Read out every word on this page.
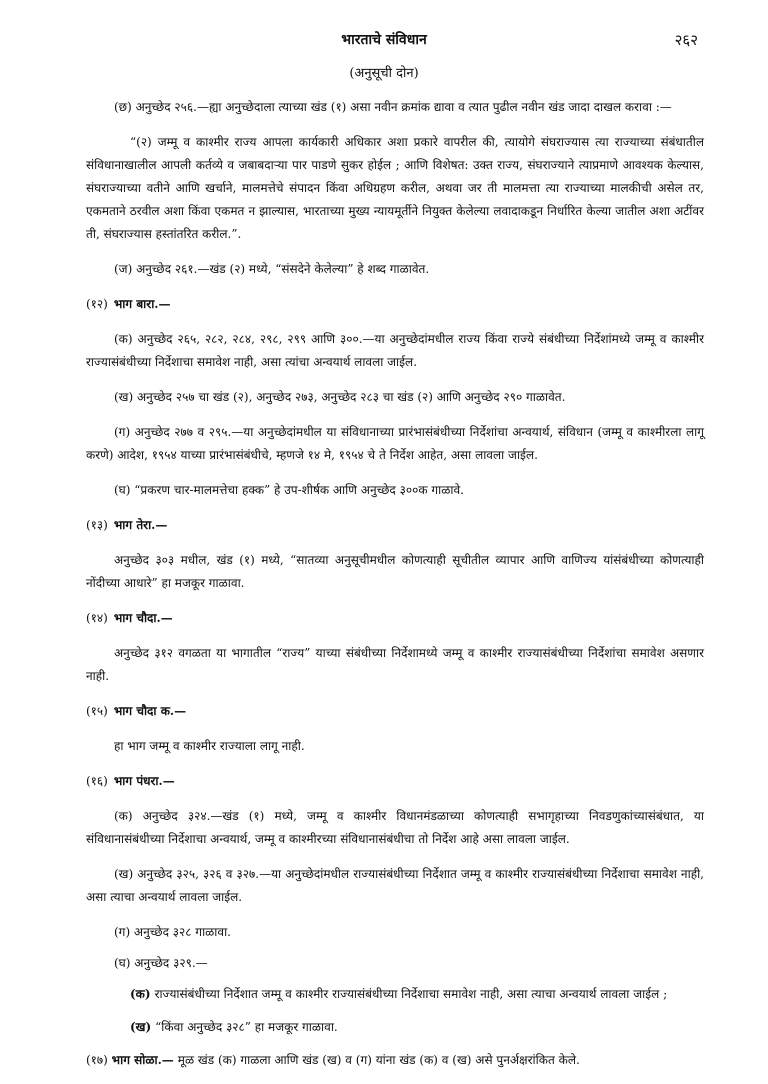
भारताचे संविधान	२६२
(अनुसूची दोन)

(छ) अनुच्छेद २५६.—ह्या अनुच्छेदाला त्याच्या खंड (१) असा नवीन क्रमांक द्यावा व त्यात पुढील नवीन खंड जादा दाखल करावा :—

“(२) जम्मू व काश्मीर राज्य आपला कार्यकारी अधिकार अशा प्रकारे वापरील की, त्यायोगे संघराज्यास त्या राज्याच्या संबंधातील संविधानाखालील आपली कर्तव्ये व जबाबदाऱ्या पार पाडणे सुकर होईल ; आणि विशेषत: उक्त राज्य, संघराज्याने त्याप्रमाणे आवश्यक केल्यास, संघराज्याच्या वतीने आणि खर्चाने, मालमत्तेचे संपादन किंवा अधिग्रहण करील, अथवा जर ती मालमत्ता त्या राज्याच्या मालकीची असेल तर, एकमताने ठरवील अशा किंवा एकमत न झाल्यास, भारताच्या मुख्य न्यायमूर्तीने नियुक्त केलेल्या लवादाकडून निर्धारित केल्या जातील अशा अटींवर ती, संघराज्यास हस्तांतरित करील.”.

(ज) अनुच्छेद २६१.—खंड (२) मध्ये, “संसदेने केलेल्या” हे शब्द गाळावेत.

(१२) भाग बारा.—

(क) अनुच्छेद २६५, २८२, २८४, २९८, २९९ आणि ३००.—या अनुच्छेदांमधील राज्य किंवा राज्ये संबंधीच्या निर्देशांमध्ये जम्मू व काश्मीर राज्यासंबंधीच्या निर्देशाचा समावेश नाही, असा त्यांचा अन्वयार्थ लावला जाईल.

(ख) अनुच्छेद २५७ चा खंड (२), अनुच्छेद २७३, अनुच्छेद २८३ चा खंड (२) आणि अनुच्छेद २९० गाळावेत.

(ग) अनुच्छेद २७७ व २९५.—या अनुच्छेदांमधील या संविधानाच्या प्रारंभासंबंधीच्या निर्देशांचा अन्वयार्थ, संविधान (जम्मू व काश्मीरला लागू करणे) आदेश, १९५४ याच्या प्रारंभासंबंधीचे, म्हणजे १४ मे, १९५४ चे ते निर्देश आहेत, असा लावला जाईल.

(घ) “प्रकरण चार-मालमत्तेचा हक्क” हे उप-शीर्षक आणि अनुच्छेद ३००क गाळावे.

(१३) भाग तेरा.—

अनुच्छेद ३०३ मधील, खंड (१) मध्ये, “सातव्या अनुसूचीमधील कोणत्याही सूचीतील व्यापार आणि वाणिज्य यांसंबंधीच्या कोणत्याही नोंदीच्या आधारे” हा मजकूर गाळावा.

(१४) भाग चौदा.—

अनुच्छेद ३१२ वगळता या भागातील “राज्य” याच्या संबंधीच्या निर्देशामध्ये जम्मू व काश्मीर राज्यासंबंधीच्या निर्देशांचा समावेश असणार नाही.

(१५) भाग चौदा क.—

हा भाग जम्मू व काश्मीर राज्याला लागू नाही.

(१६) भाग पंधरा.—

(क) अनुच्छेद ३२४.—खंड (१) मध्ये, जम्मू व काश्मीर विधानमंडळाच्या कोणत्याही सभागृहाच्या निवडणुकांच्यासंबंधात, या संविधानासंबंधीच्या निर्देशाचा अन्वयार्थ, जम्मू व काश्मीरच्या संविधानासंबंधीचा तो निर्देश आहे असा लावला जाईल.

(ख) अनुच्छेद ३२५, ३२६ व ३२७.—या अनुच्छेदांमधील राज्यासंबंधीच्या निर्देशात जम्मू व काश्मीर राज्यासंबंधीच्या निर्देशाचा समावेश नाही, असा त्याचा अन्वयार्थ लावला जाईल.

(ग) अनुच्छेद ३२८ गाळावा.

(घ) अनुच्छेद ३२९.—

(क) राज्यासंबंधीच्या निर्देशात जम्मू व काश्मीर राज्यासंबंधीच्या निर्देशाचा समावेश नाही, असा त्याचा अन्वयार्थ लावला जाईल ;

(ख) “किंवा अनुच्छेद ३२८” हा मजकूर गाळावा.

(१७) भाग सोळा.— मूळ खंड (क) गाळला आणि खंड (ख) व (ग) यांना खंड (क) व (ख) असे पुनर्अक्षरांकित केले.
